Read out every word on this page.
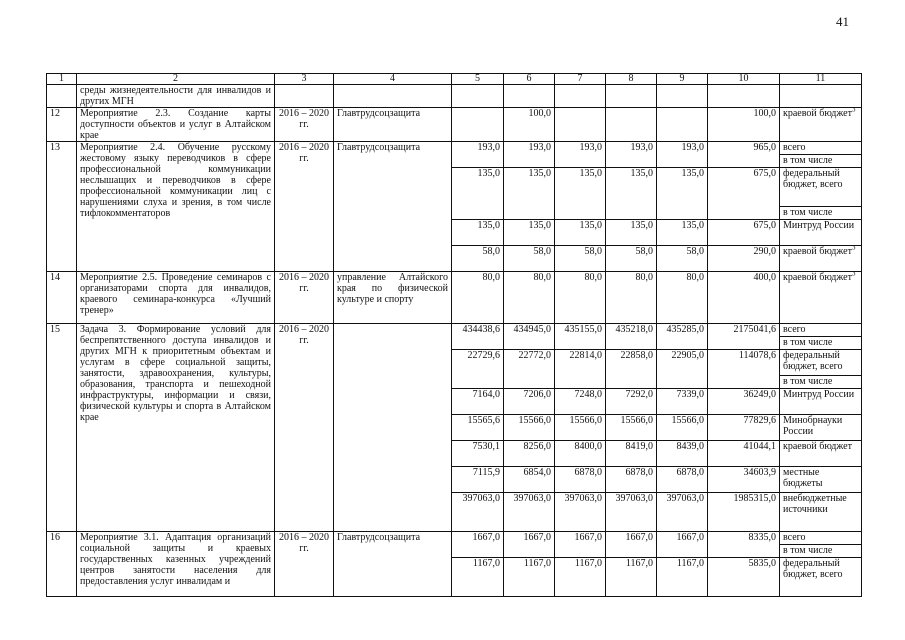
41
1	2	3	4	5	6	7	8	9	10	11
	среды жизнедеятельности для инвалидов и других МГН									
12	Мероприятие 2.3. Создание карты доступности объектов и услуг в Алтайском крае	2016 – 2020 гг.	Главтрудсоцзащита		100,0				100,0	краевой бюджет$^3$
13	Мероприятие 2.4. Обучение русскому жестовому языку переводчиков в сфере профессиональной коммуникации неслышащих и переводчиков в сфере профессиональной коммуникации лиц с нарушениями слуха и зрения, в том числе тифлокомментаторов	2016 – 2020 гг.	Главтрудсоцзащита	193,0	193,0	193,0	193,0	193,0	965,0	всего
										в том числе
				135,0	135,0	135,0	135,0	135,0	675,0	федеральный бюджет, всего
										в том числе
				135,0	135,0	135,0	135,0	135,0	675,0	Минтруд России
				58,0	58,0	58,0	58,0	58,0	290,0	краевой бюджет$^3$
14	Мероприятие 2.5. Проведение семинаров с организаторами спорта для инвалидов, краевого семинара-конкурса «Лучший тренер»	2016 – 2020 гг.	управление Алтайского края по физической культуре и спорту	80,0	80,0	80,0	80,0	80,0	400,0	краевой бюджет$^3$
15	Задача 3. Формирование условий для беспрепятственного доступа инвалидов и других МГН к приоритетным объектам и услугам в сфере социальной защиты, занятости, здравоохранения, культуры, образования, транспорта и пешеходной инфраструктуры, информации и связи, физической культуры и спорта в Алтайском крае	2016 – 2020 гг.		434438,6	434945,0	435155,0	435218,0	435285,0	2175041,6	всего
										в том числе
				22729,6	22772,0	22814,0	22858,0	22905,0	114078,6	федеральный бюджет, всего
										в том числе
				7164,0	7206,0	7248,0	7292,0	7339,0	36249,0	Минтруд России
				15565,6	15566,0	15566,0	15566,0	15566,0	77829,6	Минобрнауки России
				7530,1	8256,0	8400,0	8419,0	8439,0	41044,1	краевой бюджет
				7115,9	6854,0	6878,0	6878,0	6878,0	34603,9	местные бюджеты
				397063,0	397063,0	397063,0	397063,0	397063,0	1985315,0	внебюджетные источники
16	Мероприятие 3.1. Адаптация организаций социальной защиты и краевых государственных казенных учреждений центров занятости населения для предоставления услуг инвалидам и	2016 – 2020 гг.	Главтрудсоцзащита	1667,0	1667,0	1667,0	1667,0	1667,0	8335,0	всего
										в том числе
				1167,0	1167,0	1167,0	1167,0	1167,0	5835,0	федеральный бюджет, всего
